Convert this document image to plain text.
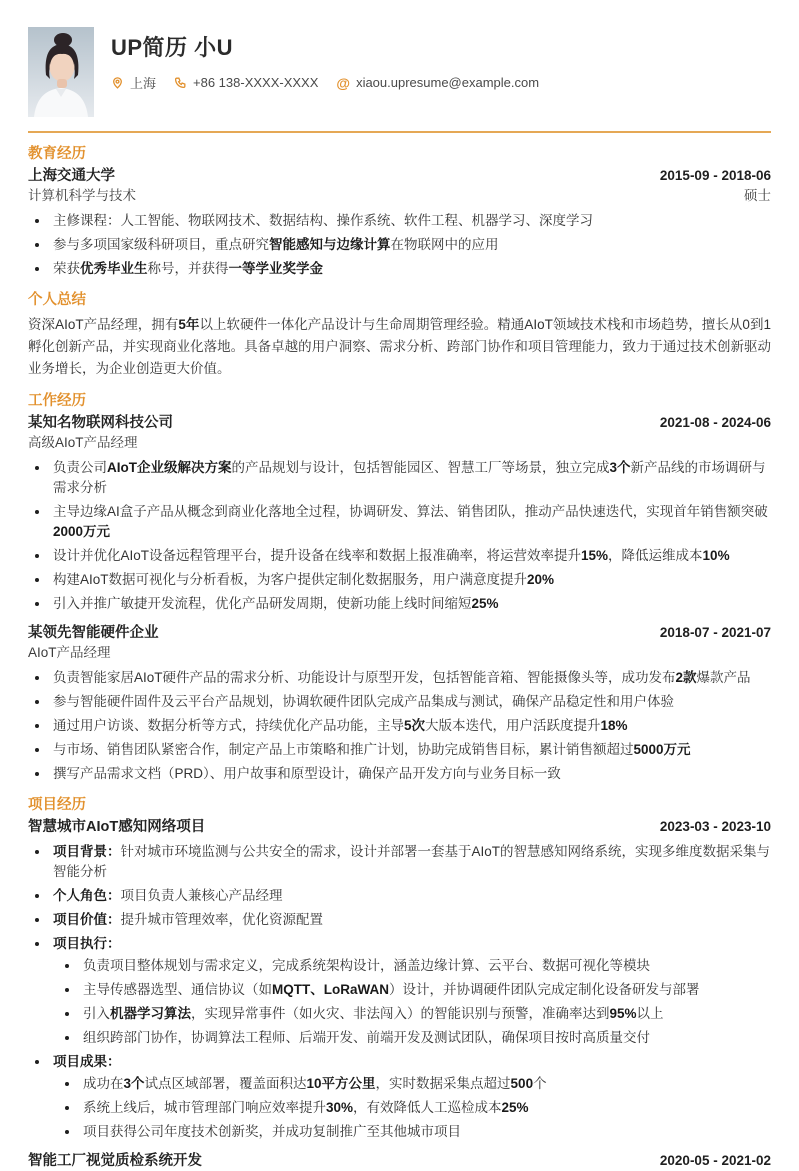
UP简历 小U
上海	+86 138-XXXX-XXXX @ xiaou.upresume@example.com
教育经历
上海交通大学	2015-09 - 2018-06
计算机科学与技术	硕士
主修课程：人工智能、物联网技术、数据结构、操作系统、软件工程、机器学习、深度学习
参与多项国家级科研项目，重点研究智能感知与边缘计算在物联网中的应用
荣获优秀毕业生称号，并获得一等学业奖学金
个人总结

资深AIoT产品经理，拥有5年以上软硬件一体化产品设计与生命周期管理经验。精通AIoT领域技术栈和市场趋势，擅长从0到1孵化创新产品，并实现商业化落地。具备卓越的用户洞察、需求分析、跨部门协作和项目管理能力，致力于通过技术创新驱动业务增长，为企业创造更大价值。

工作经历
某知名物联网科技公司	2021-08 - 2024-06
高级AIoT产品经理
负责公司AIoT企业级解决方案的产品规划与设计，包括智能园区、智慧工厂等场景，独立完成3个新产品线的市场调研与需求分析
主导边缘AI盒子产品从概念到商业化落地全过程，协调研发、算法、销售团队，推动产品快速迭代，实现首年销售额突破2000万元
设计并优化AIoT设备远程管理平台，提升设备在线率和数据上报准确率，将运营效率提升15%，降低运维成本10%
构建AIoT数据可视化与分析看板，为客户提供定制化数据服务，用户满意度提升20%
引入并推广敏捷开发流程，优化产品研发周期，使新功能上线时间缩短25%
某领先智能硬件企业	2018-07 - 2021-07
AIoT产品经理
负责智能家居AIoT硬件产品的需求分析、功能设计与原型开发，包括智能音箱、智能摄像头等，成功发布2款爆款产品
参与智能硬件固件及云平台产品规划，协调软硬件团队完成产品集成与测试，确保产品稳定性和用户体验
通过用户访谈、数据分析等方式，持续优化产品功能，主导5次大版本迭代，用户活跃度提升18%
与市场、销售团队紧密合作，制定产品上市策略和推广计划，协助完成销售目标，累计销售额超过5000万元
撰写产品需求文档（PRD）、用户故事和原型设计，确保产品开发方向与业务目标一致
项目经历
智慧城市AIoT感知网络项目	2023-03 - 2023-10
项目背景：针对城市环境监测与公共安全的需求，设计并部署一套基于AIoT的智慧感知网络系统，实现多维度数据采集与智能分析
个人角色：项目负责人兼核心产品经理
项目价值：提升城市管理效率，优化资源配置
项目执行：
负责项目整体规划与需求定义，完成系统架构设计，涵盖边缘计算、云平台、数据可视化等模块
主导传感器选型、通信协议（如MQTT、LoRaWAN）设计，并协调硬件团队完成定制化设备研发与部署
引入机器学习算法，实现异常事件（如火灾、非法闯入）的智能识别与预警，准确率达到95%以上
组织跨部门协作，协调算法工程师、后端开发、前端开发及测试团队，确保项目按时高质量交付
项目成果：
成功在3个试点区域部署，覆盖面积达10平方公里，实时数据采集点超过500个
系统上线后，城市管理部门响应效率提升30%，有效降低人工巡检成本25%
项目获得公司年度技术创新奖，并成功复制推广至其他城市项目
智能工厂视觉质检系统开发	2020-05 - 2021-02
